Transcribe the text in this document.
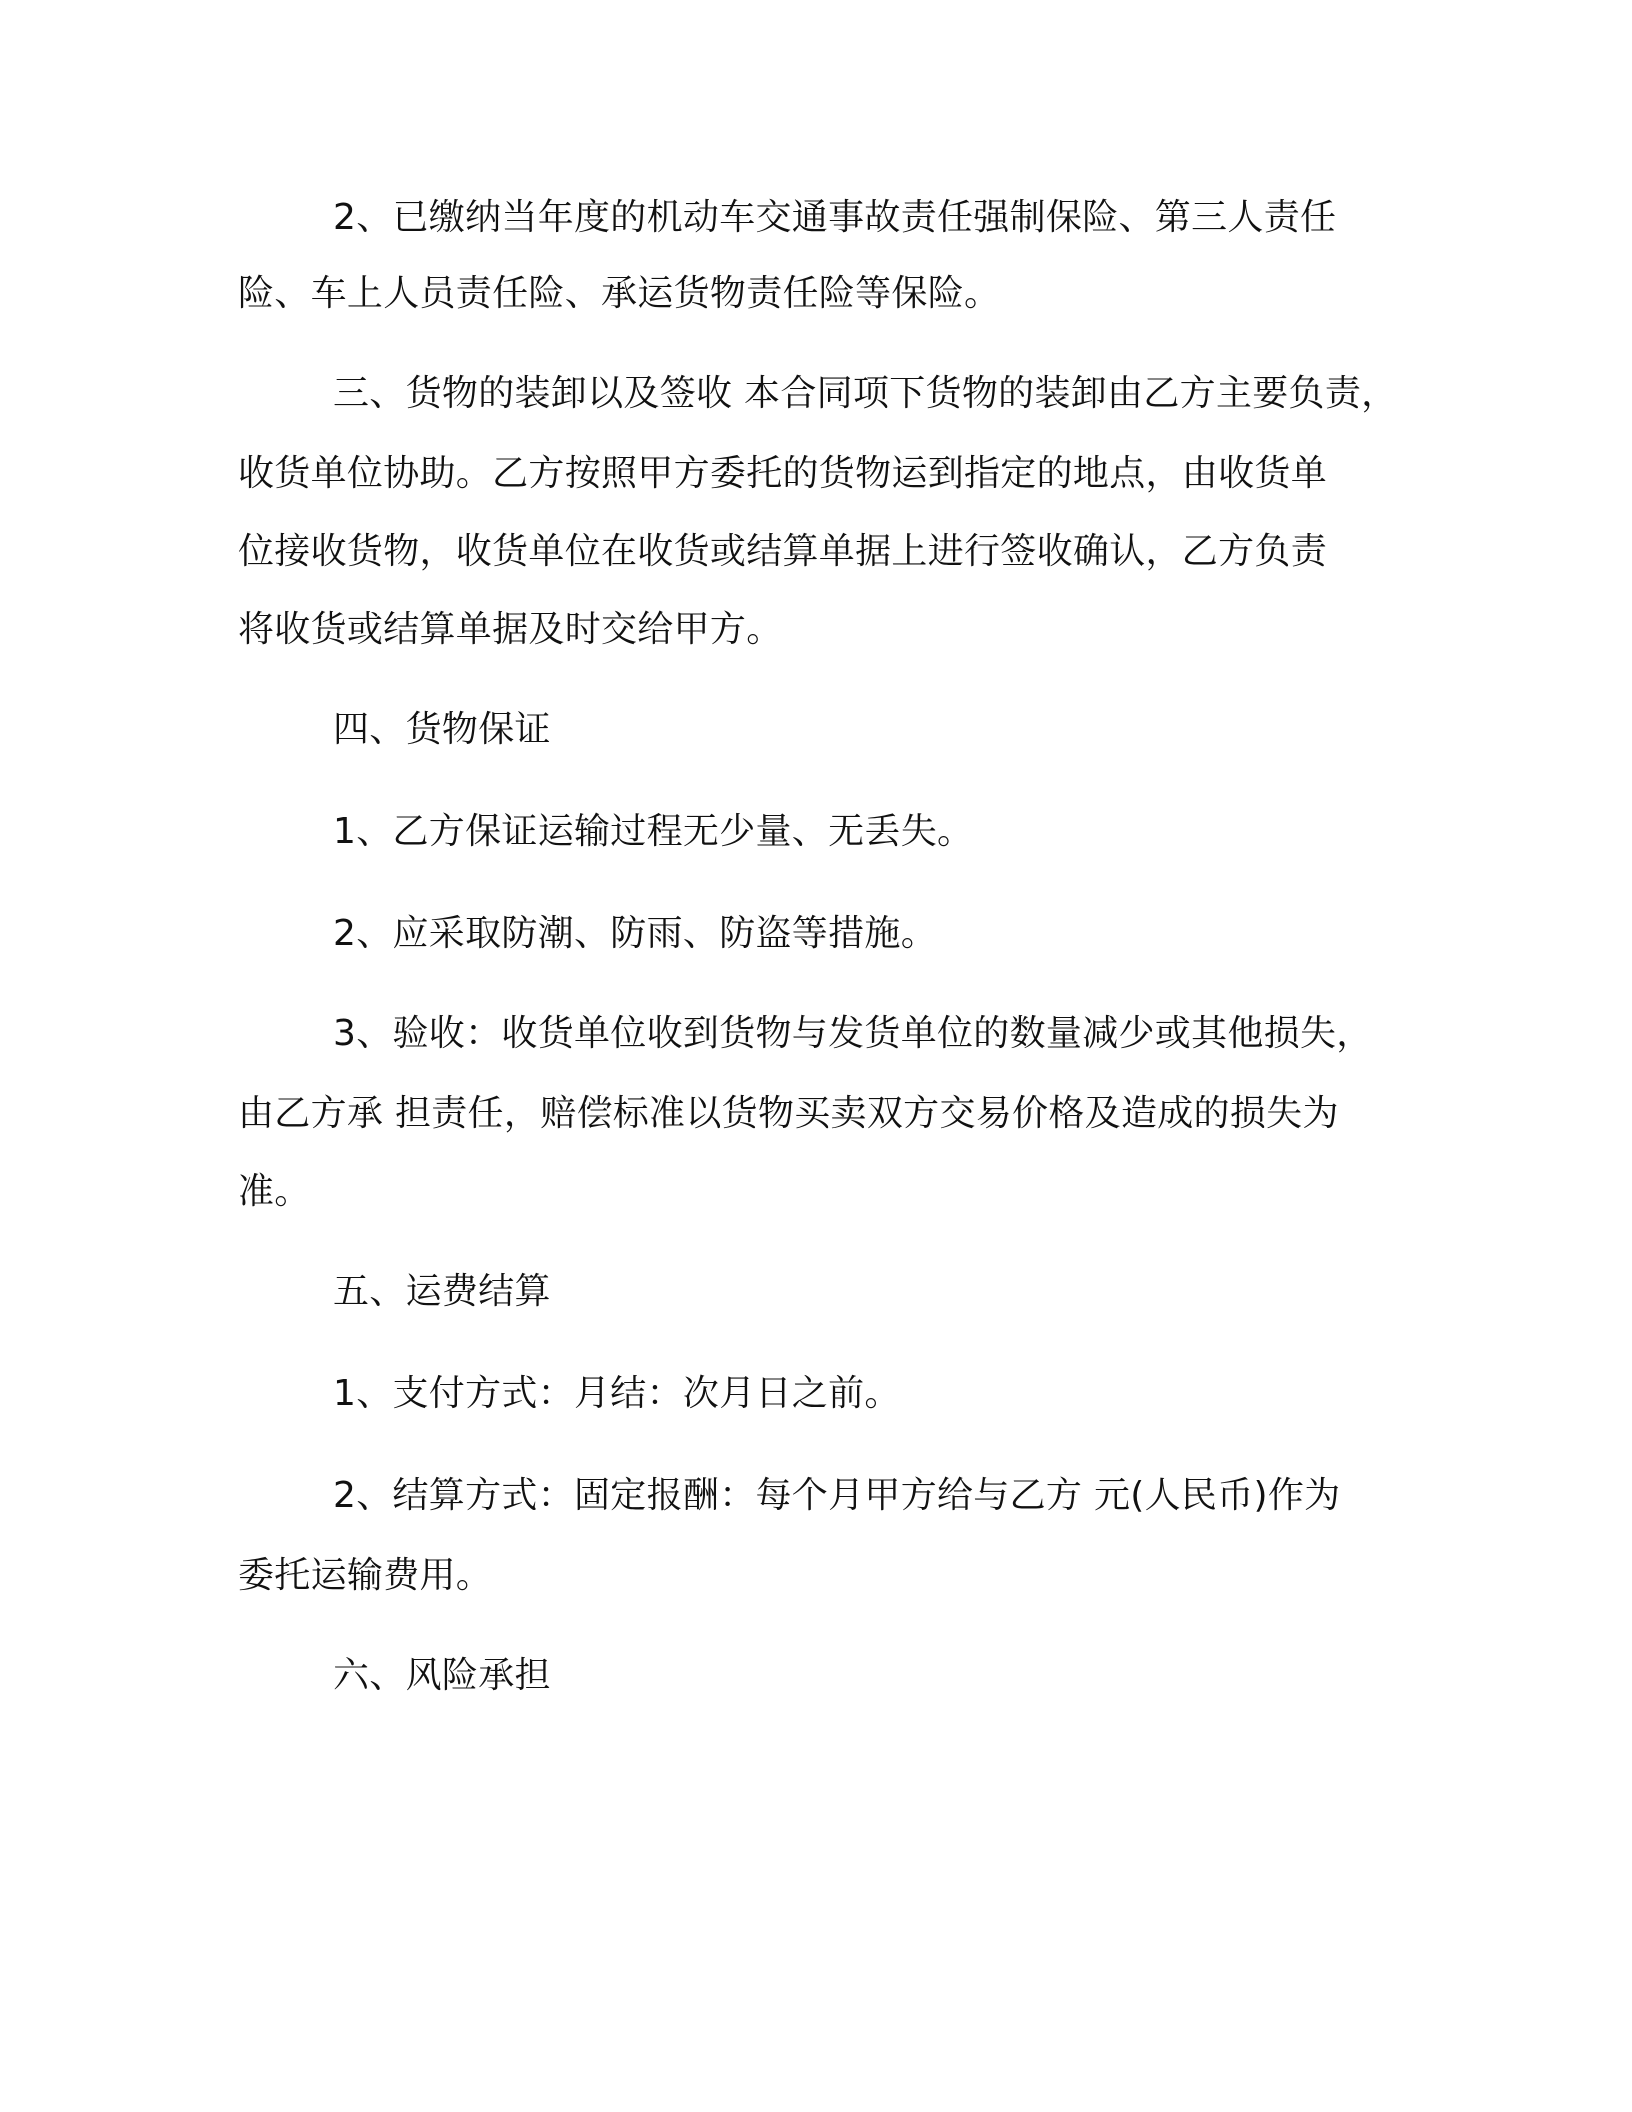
2、已缴纳当年度的机动车交通事故责任强制保险、第三人责任

险、车上人员责任险、承运货物责任险等保险。

三、货物的装卸以及签收 本合同项下货物的装卸由乙方主要负责，

收货单位协助。乙方按照甲方委托的货物运到指定的地点，由收货单

位接收货物，收货单位在收货或结算单据上进行签收确认，乙方负责

将收货或结算单据及时交给甲方。

四、货物保证

1、乙方保证运输过程无少量、无丢失。

2、应采取防潮、防雨、防盗等措施。

3、验收：收货单位收到货物与发货单位的数量减少或其他损失，

由乙方承 担责任，赔偿标准以货物买卖双方交易价格及造成的损失为

准。

五、运费结算

1、支付方式：月结：次月日之前。

2、结算方式：固定报酬：每个月甲方给与乙方 元(人民币)作为

委托运输费用。

六、风险承担
